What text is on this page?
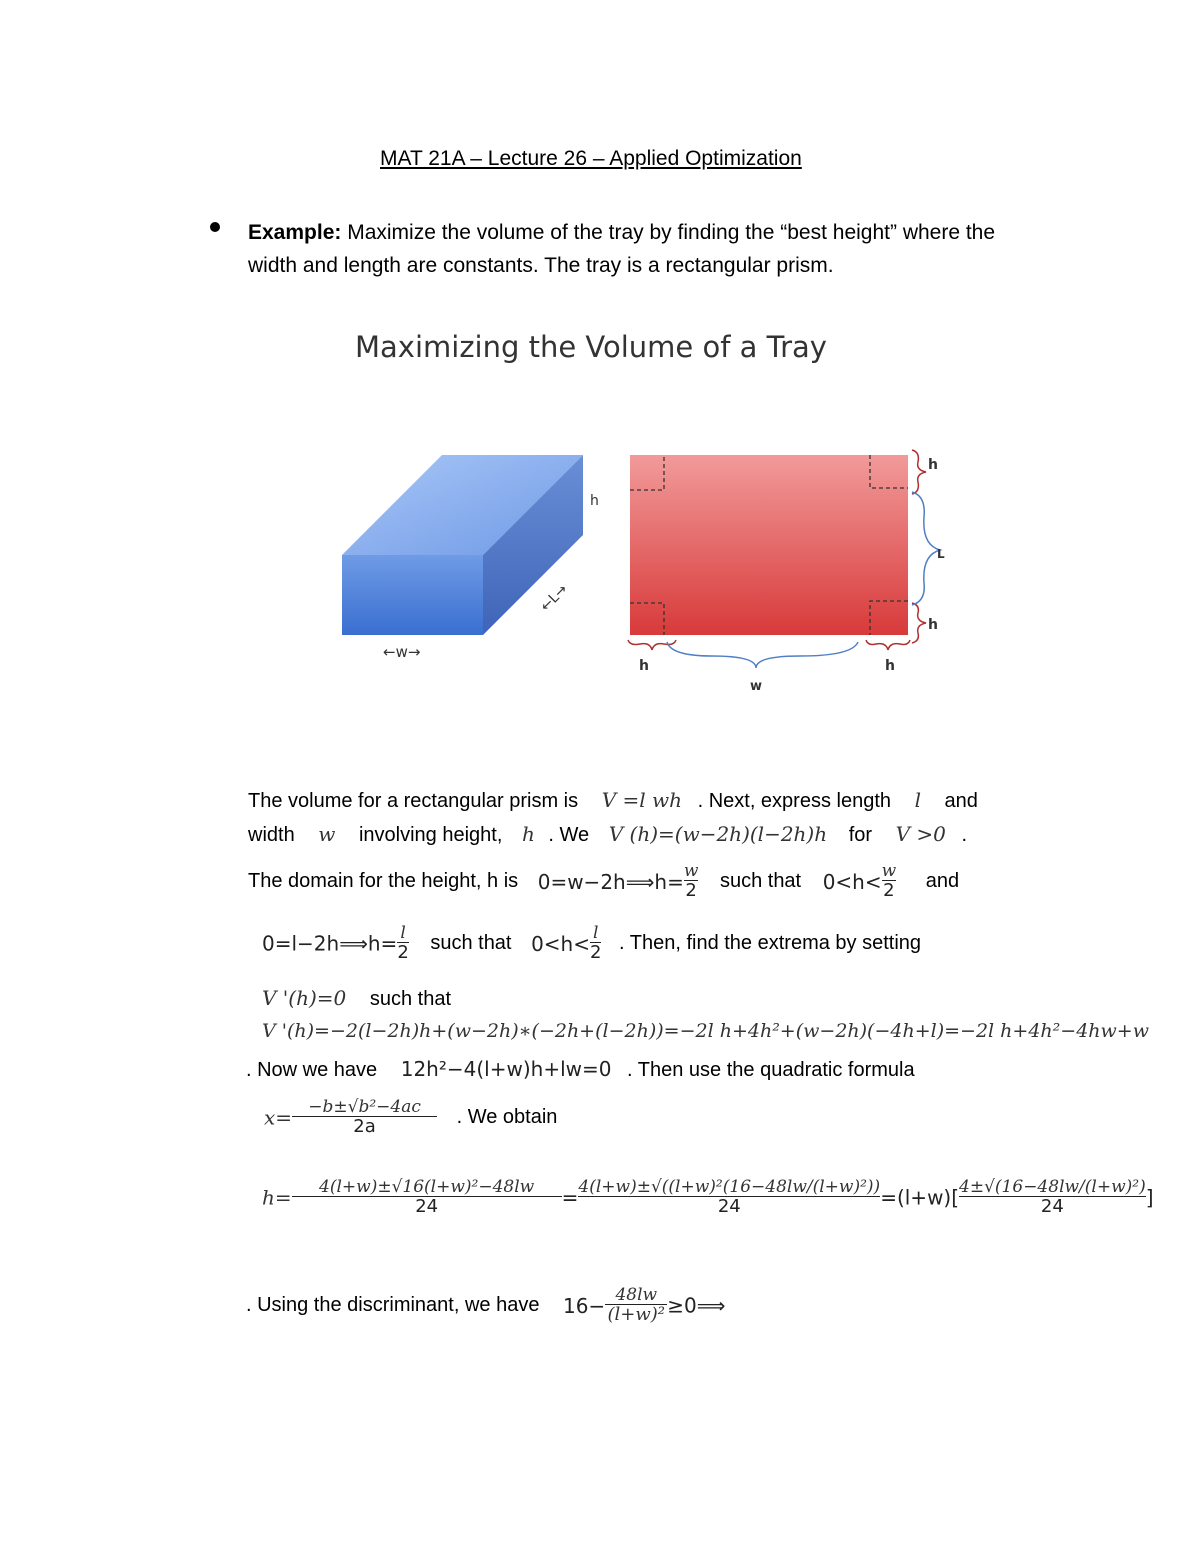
MAT 21A – Lecture 26 – Applied Optimization
Example: Maximize the volume of the tray by finding the “best height” where the width and length are constants. The tray is a rectangular prism.
Maximizing the Volume of a Tray
h
←w→
←L→
h
L
h
h	h
w
The volume for a rectangular prism is V =l wh . Next, express length l and
width w involving height, h . We V (h)=(w−2h)(l−2h)h for V >0 .
The domain for the height, h is 0=w−2h⟹h= $\frac{w}{2}$ such that $0<h< \frac{w}{2}$ and
0=l−2h⟹h= $\frac{l}{2}$ such that $0<h< \frac{l}{2}$ . Then, find the extrema by setting
V '(h)=0 such that
V '(h)=−2(l−2h)h+(w−2h)∗(−2h+(l−2h))=−2l h+4h²+(w−2h)(−4h+l)=−2l h+4h²−4hw+w
. Now we have 12h²−4(l+w)h+lw=0 . Then use the quadratic formula
$x= \frac{\text{−b±√b²−4ac}}{2a}$ . We obtain
$h= \frac{\text{4(l+w)±√16(l+w)²−48lw}}{24} = \frac{\text{4(l+w)±√((l+w)²(16−48lw/(l+w)²))}}{24} =(l+w)[ \frac{\text{4±√(16−48lw/(l+w)²)}}{24}$ ]
. Using the discriminant, we have $16- \frac{48lw}{\text{(l+w)²}}$ ≥0⟹
